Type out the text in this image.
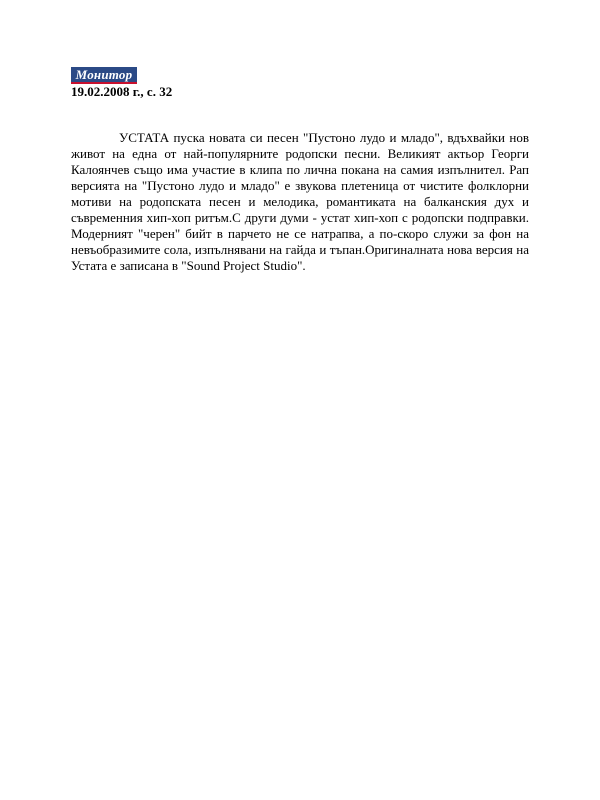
Монитор
19.02.2008 г., с. 32

УСТАТА пуска новата си песен "Пустоно лудо и младо", вдъхвайки нов живот на една от най-популярните родопски песни. Великият актьор Георги Калоянчев също има участие в клипа по лична покана на самия изпълнител. Рап версията на "Пустоно лудо и младо" е звукова плетеница от чистите фолклорни мотиви на родопската песен и мелодика, романтиката на балканския дух и съвременния хип-хоп ритъм.С други думи - устат хип-хоп с родопски подправки. Модерният "черен" бийт в парчето не се натрапва, а по-скоро служи за фон на невъобразимите сола, изпълнявани на гайда и тъпан.Оригиналната нова версия на Устата е записана в "Sound Project Studio".
